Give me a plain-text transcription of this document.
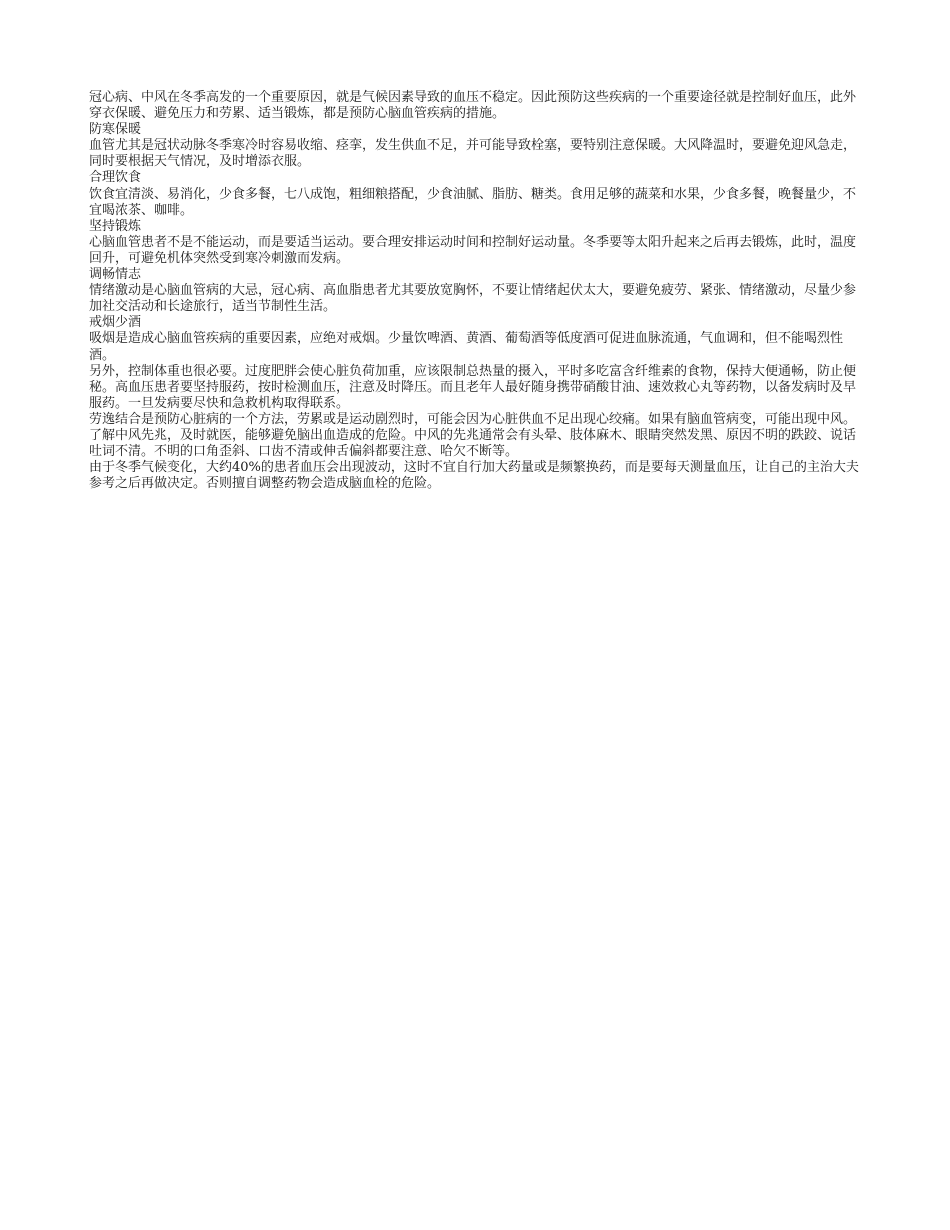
冠心病、中风在冬季高发的一个重要原因，就是气候因素导致的血压不稳定。因此预防这些疾病的一个重要途径就是控制好血压，此外穿衣保暖、避免压力和劳累、适当锻炼，都是预防心脑血管疾病的措施。

防寒保暖

血管尤其是冠状动脉冬季寒冷时容易收缩、痉挛，发生供血不足，并可能导致栓塞，要特别注意保暖。大风降温时，要避免迎风急走，同时要根据天气情况，及时增添衣服。

合理饮食

饮食宜清淡、易消化，少食多餐，七八成饱，粗细粮搭配，少食油腻、脂肪、糖类。食用足够的蔬菜和水果，少食多餐，晚餐量少，不宜喝浓茶、咖啡。

坚持锻炼

心脑血管患者不是不能运动，而是要适当运动。要合理安排运动时间和控制好运动量。冬季要等太阳升起来之后再去锻炼，此时，温度回升，可避免机体突然受到寒冷刺激而发病。

调畅情志

情绪激动是心脑血管病的大忌，冠心病、高血脂患者尤其要放宽胸怀，不要让情绪起伏太大，要避免疲劳、紧张、情绪激动，尽量少参加社交活动和长途旅行，适当节制性生活。

戒烟少酒

吸烟是造成心脑血管疾病的重要因素，应绝对戒烟。少量饮啤酒、黄酒、葡萄酒等低度酒可促进血脉流通，气血调和，但不能喝烈性酒。

另外，控制体重也很必要。过度肥胖会使心脏负荷加重，应该限制总热量的摄入，平时多吃富含纤维素的食物，保持大便通畅，防止便秘。高血压患者要坚持服药，按时检测血压，注意及时降压。而且老年人最好随身携带硝酸甘油、速效救心丸等药物，以备发病时及早服药。一旦发病要尽快和急救机构取得联系。

劳逸结合是预防心脏病的一个方法，劳累或是运动剧烈时，可能会因为心脏供血不足出现心绞痛。如果有脑血管病变，可能出现中风。了解中风先兆，及时就医，能够避免脑出血造成的危险。中风的先兆通常会有头晕、肢体麻木、眼睛突然发黑、原因不明的跌跤、说话吐词不清。不明的口角歪斜、口齿不清或伸舌偏斜都要注意、哈欠不断等。

由于冬季气候变化，大约40%的患者血压会出现波动，这时不宜自行加大药量或是频繁换药，而是要每天测量血压，让自己的主治大夫参考之后再做决定。否则擅自调整药物会造成脑血栓的危险。
